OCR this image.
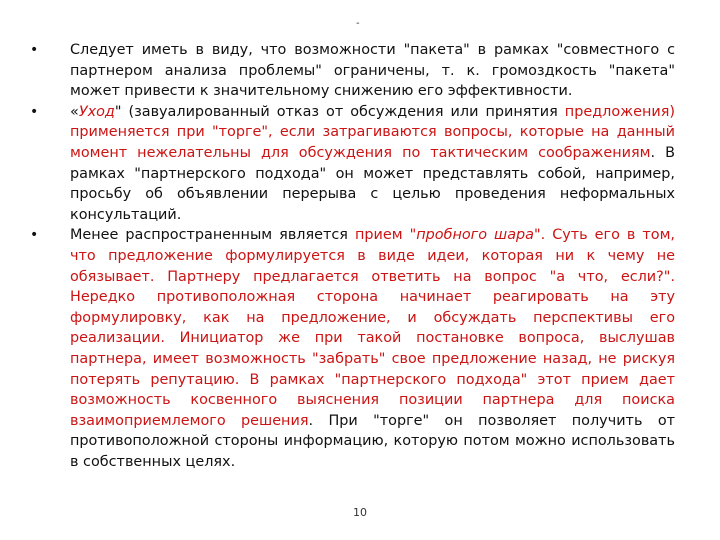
-
•	Следует иметь в виду, что возможности "пакета" в рамках "совместного с партнером анализа проблемы" ограничены, т. к. громоздкость "пакета" может привести к значительному снижению его эффективности.
•	«Уход" (завуалированный отказ от обсуждения или принятия предложения) применяется при "торге", если затрагиваются вопросы, которые на данный момент нежелательны для обсуждения по тактическим соображениям. В рамках "партнерского подхода" он может представлять собой, например, просьбу об объявлении перерыва с целью проведения неформальных консультаций.
•	Менее распространенным является прием "пробного шара". Суть его в том, что предложение формулируется в виде идеи, которая ни к чему не обязывает. Партнеру предлагается ответить на вопрос "а что, если?". Нередко противоположная сторона начинает реагировать на эту формулировку, как на предложение, и обсуждать перспективы его реализации. Инициатор же при такой постановке вопроса, выслушав партнера, имеет возможность "забрать" свое предложение назад, не рискуя потерять репутацию. В рамках "партнерского подхода" этот прием дает возможность косвенного выяснения позиции партнера для поиска взаимоприемлемого решения. При "торге" он позволяет получить от противоположной стороны информацию, которую потом можно использовать в собственных целях.
10
